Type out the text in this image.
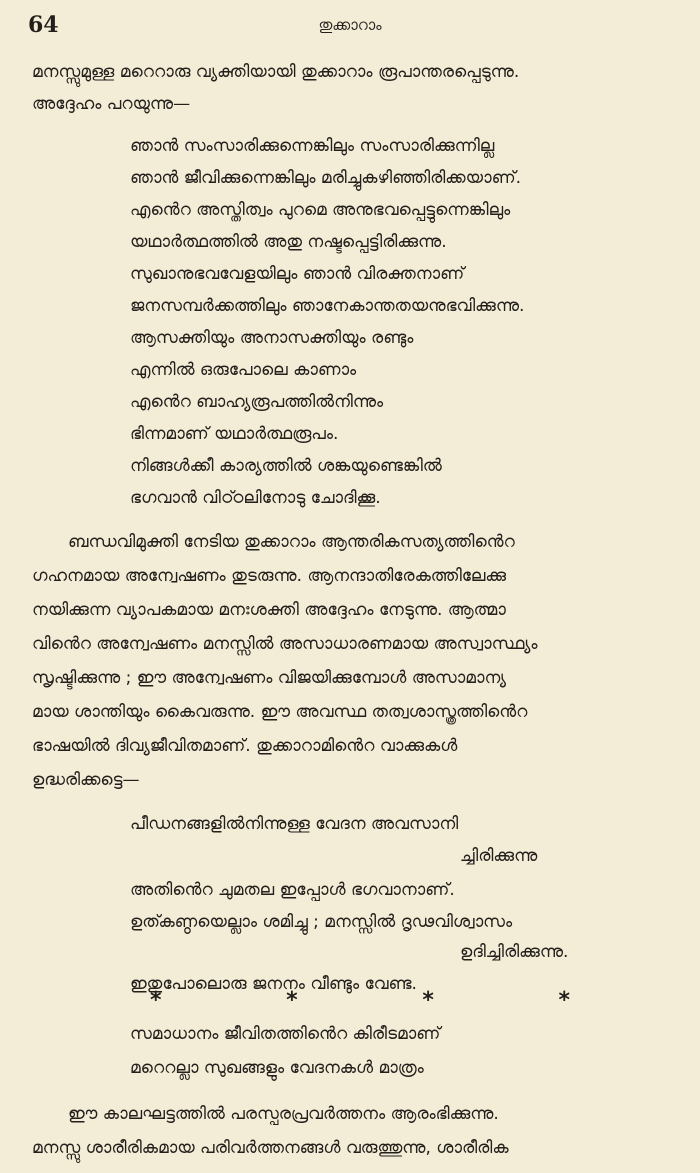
64	തുക്കാറാം
മനസ്സുമുള്ള മറെറാരു വ്യക്തിയായി തുക്കാറാം രൂപാന്തരപ്പെടുന്നു.
അദ്ദേഹം പറയുന്നു—
ഞാൻ സംസാരിക്കുന്നെങ്കിലും സംസാരിക്കുന്നില്ല
ഞാൻ ജീവിക്കുന്നെങ്കിലും മരിച്ചുകഴിഞ്ഞിരിക്കയാണ്.
എൻെറ അസ്തിത്വം പുറമെ അനുഭവപ്പെട്ടുന്നെങ്കിലും
യഥാർത്ഥത്തിൽ അതു നഷ്ടപ്പെട്ടിരിക്കുന്നു.
സുഖാനുഭവവേളയിലും ഞാൻ വിരക്തനാണ്
ജനസമ്പർക്കത്തിലും ഞാനേകാന്തതയനുഭവിക്കുന്നു.
ആസക്തിയും അനാസക്തിയും രണ്ടും
എന്നിൽ ഒരുപോലെ കാണാം
എൻെറ ബാഹ്യരൂപത്തിൽനിന്നും
ഭിന്നമാണ് യഥാർത്ഥരൂപം.
നിങ്ങൾക്കീ കാര്യത്തിൽ ശങ്കയുണ്ടെങ്കിൽ
ഭഗവാൻ വിഠ്ഠലിനോടു ചോദിക്കൂ.
ബന്ധവിമുക്തി നേടിയ തുക്കാറാം ആന്തരികസത്യത്തിൻെറ
ഗഹനമായ അന്വേഷണം തുടരുന്നു. ആനന്ദാതിരേകത്തിലേക്കു
നയിക്കുന്ന വ്യാപകമായ മനഃശക്തി അദ്ദേഹം നേടുന്നു. ആത്മാ
വിൻെറ അന്വേഷണം മനസ്സിൽ അസാധാരണമായ അസ്വാസ്ഥ്യം
സൃഷ്ടിക്കുന്നു ; ഈ അന്വേഷണം വിജയിക്കുമ്പോൾ അസാമാന്യ
മായ ശാന്തിയും കൈവരുന്നു. ഈ അവസ്ഥ തത്വശാസ്ത്രത്തിൻെറ
ഭാഷയിൽ ദിവ്യജീവിതമാണ്. തുക്കാറാമിൻെറ വാക്കുകൾ
ഉദ്ധരിക്കട്ടെ—
പീഡനങ്ങളിൽനിന്നുള്ള വേദന അവസാനി
ച്ചിരിക്കുന്നു
അതിൻെറ ചുമതല ഇപ്പോൾ ഭഗവാനാണ്.
ഉത്കണ്ഠയെല്ലാം ശമിച്ചു ; മനസ്സിൽ ദൃഢവിശ്വാസം
ഉദിച്ചിരിക്കുന്നു.
ഇതുപോലൊരു ജനനം വീണ്ടും വേണ്ട.
*	*	*	*
സമാധാനം ജീവിതത്തിൻെറ കിരീടമാണ്
മറെറല്ലാ സുഖങ്ങളും വേദനകൾ മാത്രം
ഈ കാലഘട്ടത്തിൽ പരസ്പരപ്രവർത്തനം ആരംഭിക്കുന്നു.
മനസ്സു ശാരീരികമായ പരിവർത്തനങ്ങൾ വരുത്തുന്നു, ശാരീരിക
